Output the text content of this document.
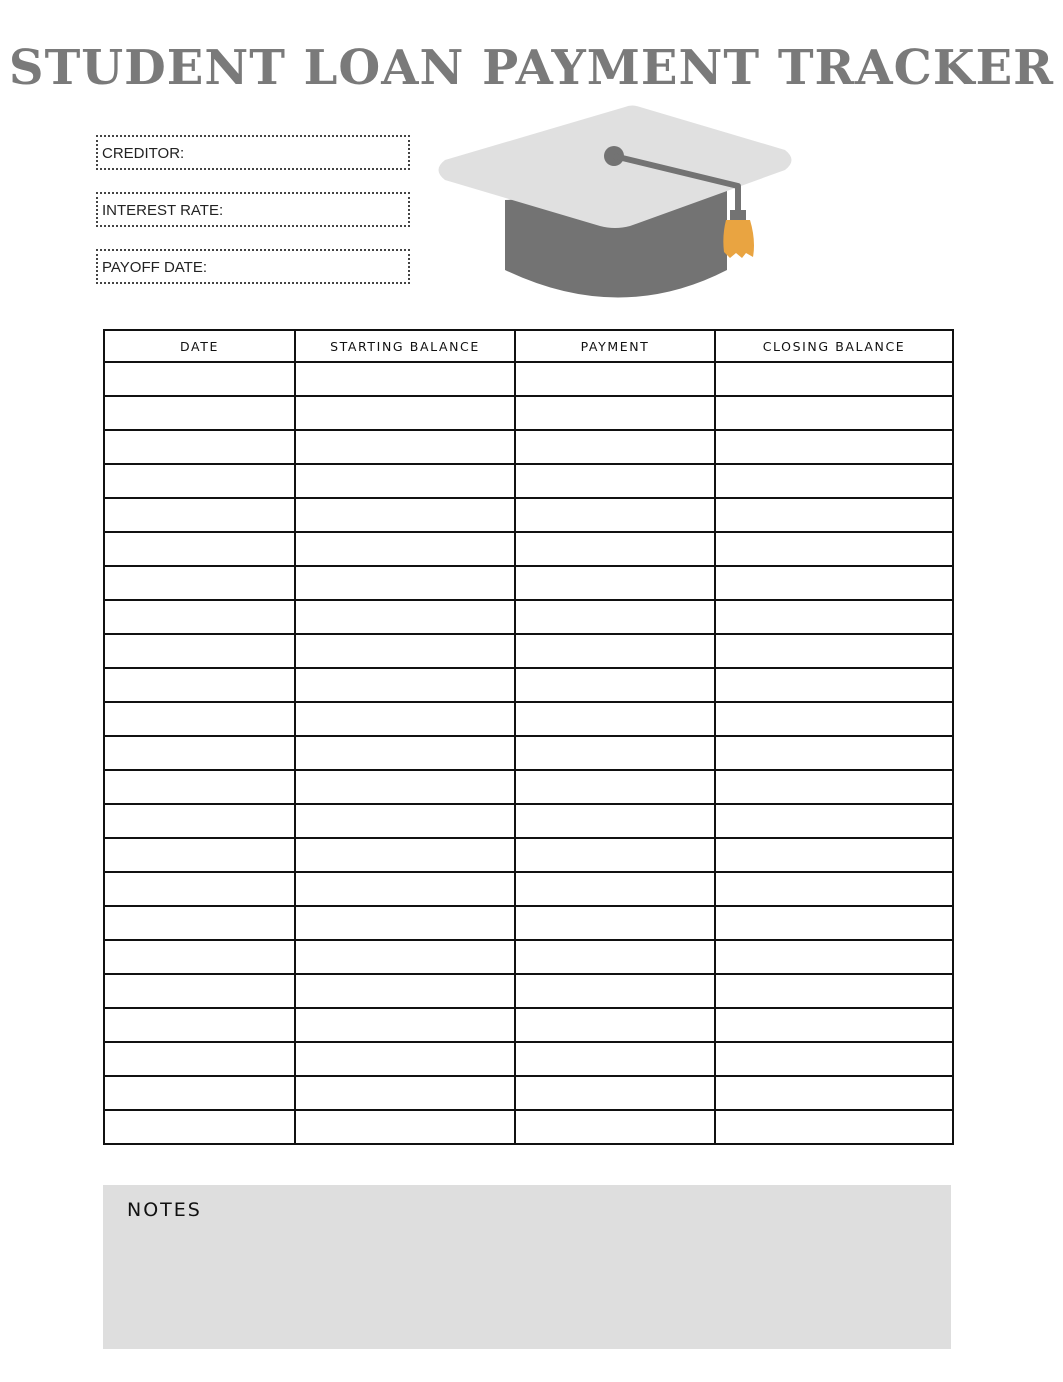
STUDENT LOAN PAYMENT TRACKER
CREDITOR:
INTEREST RATE:
PAYOFF DATE:
DATE	STARTING BALANCE	PAYMENT	CLOSING BALANCE

NOTES
